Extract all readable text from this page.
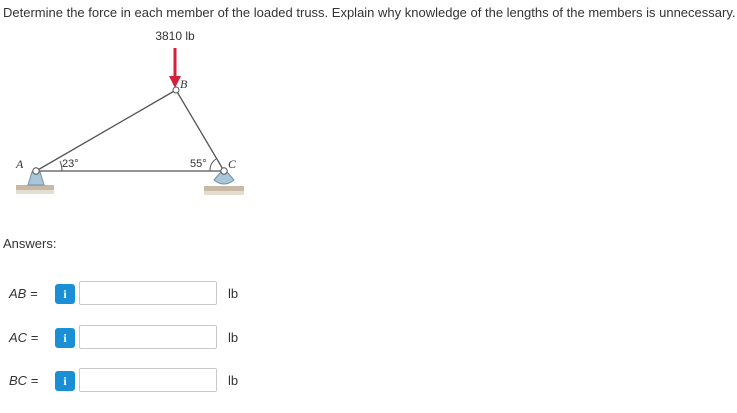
Determine the force in each member of the loaded truss. Explain why knowledge of the lengths of the members is unnecessary.
3810 lb
23°	55°
A
B
C
Answers:
AB =	i	lb
AC =	i	lb
BC =	i	lb
